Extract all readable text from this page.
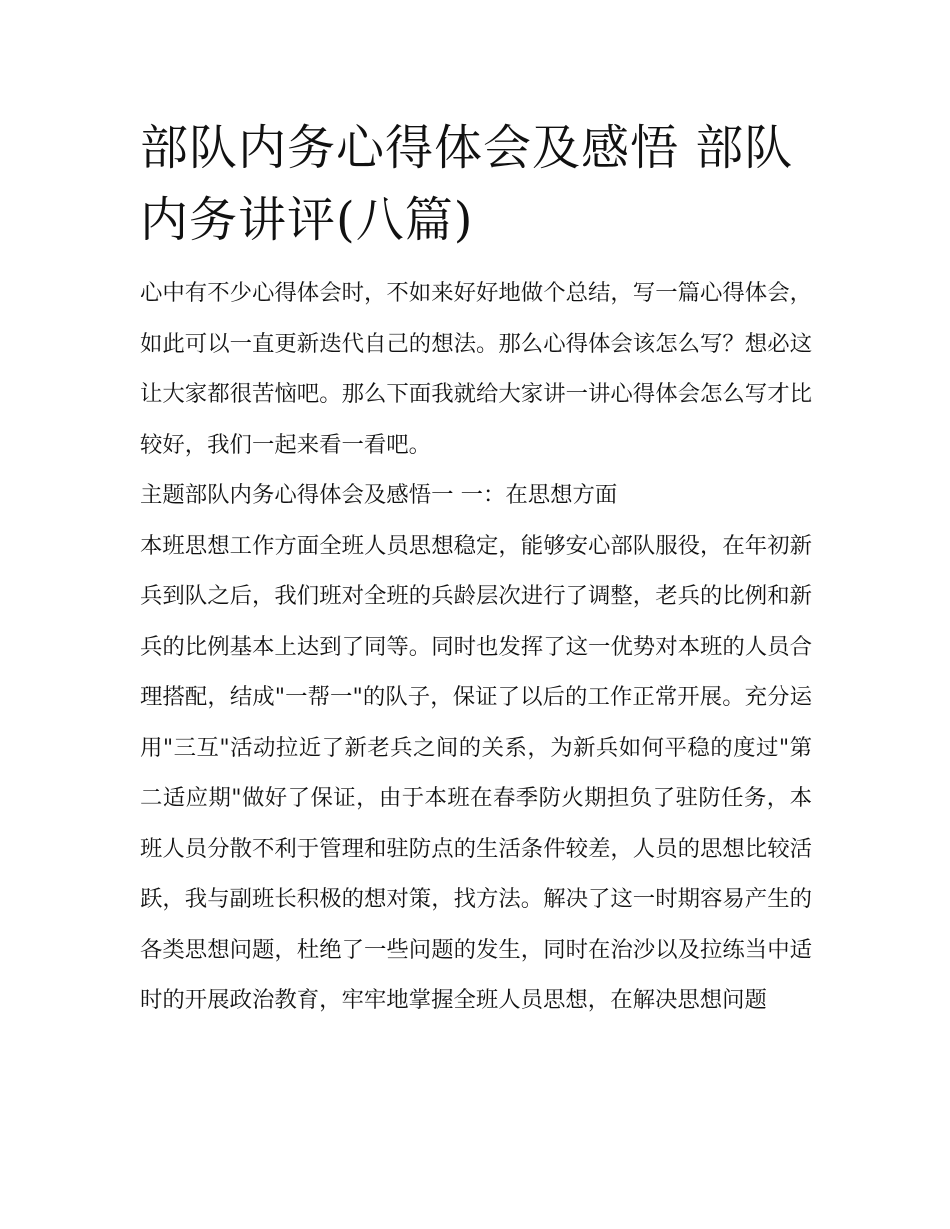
部队内务心得体会及感悟 部队内务讲评(八篇)

心中有不少心得体会时，不如来好好地做个总结，写一篇心得体会，如此可以一直更新迭代自己的想法。那么心得体会该怎么写？想必这让大家都很苦恼吧。那么下面我就给大家讲一讲心得体会怎么写才比较好，我们一起来看一看吧。

主题部队内务心得体会及感悟一 一：在思想方面

本班思想工作方面全班人员思想稳定，能够安心部队服役，在年初新兵到队之后，我们班对全班的兵龄层次进行了调整，老兵的比例和新兵的比例基本上达到了同等。同时也发挥了这一优势对本班的人员合理搭配，结成"一帮一"的队子，保证了以后的工作正常开展。充分运用"三互"活动拉近了新老兵之间的关系，为新兵如何平稳的度过"第二适应期"做好了保证，由于本班在春季防火期担负了驻防任务，本班人员分散不利于管理和驻防点的生活条件较差，人员的思想比较活跃，我与副班长积极的想对策，找方法。解决了这一时期容易产生的各类思想问题，杜绝了一些问题的发生，同时在治沙以及拉练当中适时的开展政治教育，牢牢地掌握全班人员思想，在解决思想问题
